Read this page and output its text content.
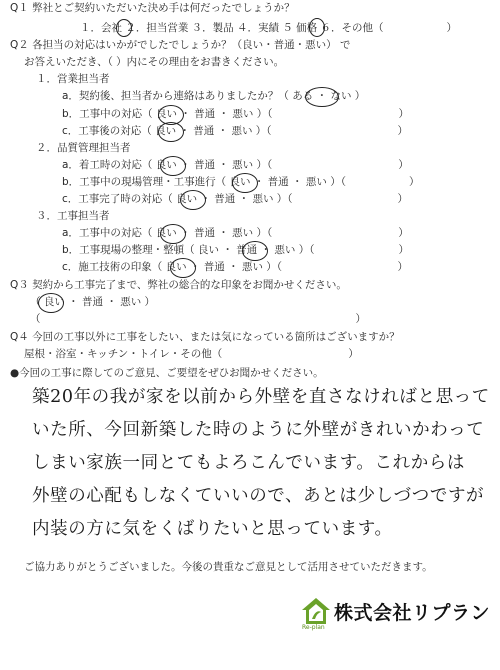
Q１ 弊社とご契約いただいた決め手は何だったでしょうか？
１．会社 ２．担当営業 ３．製品 ４．実績 ５ 価格 ６．その他（　　　　　　）
Q２ 各担当の対応はいかがでしたでしょうか？（良い・普通・悪い） で
お答えいただき、（ ）内にその理由をお書きください。
１．営業担当者
a．契約後、担当者から連絡はありましたか？（ ある ・ ない ）
b．工事中の対応（ 良い ・ 普通 ・ 悪い ）（　　　　　　　　　　　　）
c．工事後の対応（ 良い ・ 普通 ・ 悪い ）（　　　　　　　　　　　　）
２．品質管理担当者
a．着工時の対応（ 良い ・ 普通 ・ 悪い ）（　　　　　　　　　　　　）
b．工事中の現場管理・工事進行（ 良い ・ 普通 ・ 悪い ）（　　　　　　）
c．工事完了時の対応（ 良い ・ 普通 ・ 悪い ）（　　　　　　　　　　）
３．工事担当者
a．工事中の対応（ 良い ・ 普通 ・ 悪い ）（　　　　　　　　　　　　）
b．工事現場の整理・整頓（ 良い ・ 普通 ・ 悪い ）（　　　　　　　　）
c．施工技術の印象（ 良い ・ 普通 ・ 悪い ）（　　　　　　　　　　　）
Q３ 契約から工事完了まで、弊社の総合的な印象をお聞かせください。
（ 良い ・ 普通 ・ 悪い ）
（　　　　　　　　　　　　　　　　　　　　　　　　　　　　　　）
Q４ 今回の工事以外に工事をしたい、または気になっている箇所はございますか？
屋根・浴室・キッチン・トイレ・その他（　　　　　　　　　　　　）
●今回の工事に際してのご意見、ご要望をぜひお聞かせください。
築20年の我が家を以前から外壁を直さなければと思って
いた所、今回新築した時のように外壁がきれいかわって
しまい家族一同とてもよろこんでいます。これからは
外壁の心配もしなくていいので、あとは少しづつですが
内装の方に気をくばりたいと思っています。
ご協力ありがとうございました。今後の貴重なご意見として活用させていただきます。
株式会社リプラン
Re-plan
